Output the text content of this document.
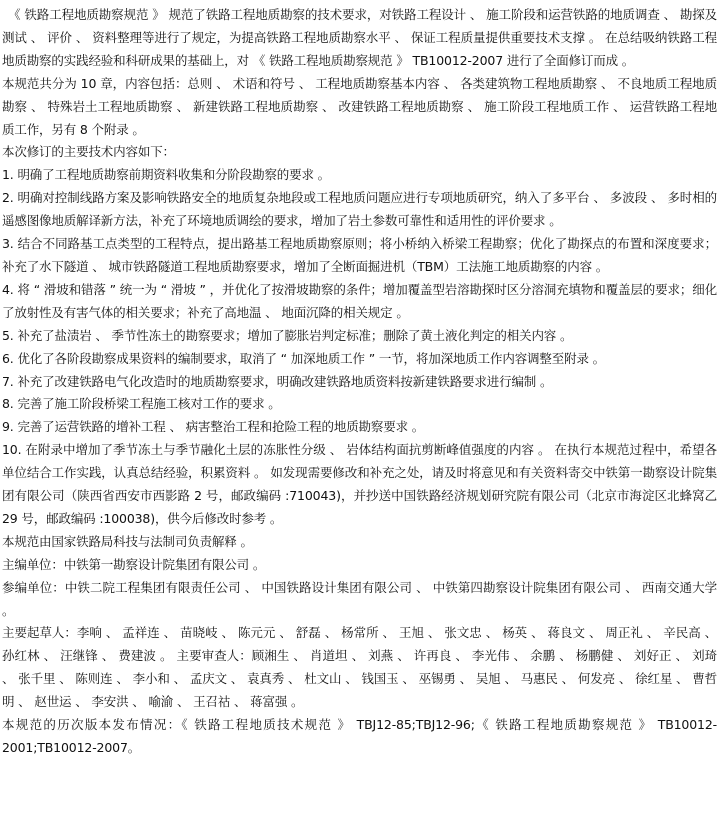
　《 铁路工程地质勘察规范 》 规范了铁路工程地质勘察的技术要求，对铁路工程设计 、 施工阶段和运营铁路的地质调查 、 勘探及测试 、 评价 、 资料整理等进行了规定，为提高铁路工程地质勘察水平 、 保证工程质量提供重要技术支撑 。 在总结吸纳铁路工程地质勘察的实践经验和科研成果的基础上，对 《 铁路工程地质勘察规范 》 TB10012-2007 进行了全面修订而成 。

本规范共分为 10 章，内容包括：总则 、 术语和符号 、 工程地质勘察基本内容 、 各类建筑物工程地质勘察 、 不良地质工程地质勘察 、 特殊岩土工程地质勘察 、 新建铁路工程地质勘察 、 改建铁路工程地质勘察 、 施工阶段工程地质工作 、 运营铁路工程地质工作，另有 8 个附录 。

本次修订的主要技术内容如下：

1. 明确了工程地质勘察前期资料收集和分阶段勘察的要求 。

2. 明确对控制线路方案及影响铁路安全的地质复杂地段或工程地质问题应进行专项地质研究，纳入了多平台 、 多波段 、 多时相的遥感图像地质解译新方法，补充了环境地质调绘的要求，增加了岩土参数可靠性和适用性的评价要求 。

3. 结合不同路基工点类型的工程特点，提出路基工程地质勘察原则；将小桥纳入桥梁工程勘察；优化了勘探点的布置和深度要求；补充了水下隧道 、 城市铁路隧道工程地质勘察要求，增加了全断面掘进机（TBM）工法施工地质勘察的内容 。

4. 将 “ 滑坡和错落 ” 统一为 “ 滑坡 ” ，并优化了按滑坡勘察的条件；增加覆盖型岩溶勘探时区分溶洞充填物和覆盖层的要求；细化了放射性及有害气体的相关要求；补充了高地温 、 地面沉降的相关规定 。

5. 补充了盐渍岩 、 季节性冻土的勘察要求；增加了膨胀岩判定标准；删除了黄土液化判定的相关内容 。

6. 优化了各阶段勘察成果资料的编制要求，取消了 “ 加深地质工作 ” 一节，将加深地质工作内容调整至附录 。

7. 补充了改建铁路电气化改造时的地质勘察要求，明确改建铁路地质资料按新建铁路要求进行编制 。

8. 完善了施工阶段桥梁工程施工核对工作的要求 。

9. 完善了运营铁路的增补工程 、 病害整治工程和抢险工程的地质勘察要求 。

10. 在附录中增加了季节冻土与季节融化土层的冻胀性分级 、 岩体结构面抗剪断峰值强度的内容 。 在执行本规范过程中，希望各单位结合工作实践，认真总结经验，积累资料 。 如发现需要修改和补充之处，请及时将意见和有关资料寄交中铁第一勘察设计院集团有限公司（陕西省西安市西影路 2 号，邮政编码 :710043)，并抄送中国铁路经济规划研究院有限公司（北京市海淀区北蜂窝乙 29 号，邮政编码 :100038)，供今后修改时参考 。

本规范由国家铁路局科技与法制司负责解释 。

主编单位：中铁第一勘察设计院集团有限公司 。

参编单位：中铁二院工程集团有限责任公司 、 中国铁路设计集团有限公司 、 中铁第四勘察设计院集团有限公司 、 西南交通大学 。

主要起草人：李响 、 孟祥连 、 苗晓岐 、 陈元元 、 舒磊 、 杨常所 、 王旭 、 张文忠 、 杨英 、 蒋良文 、 周正礼 、 辛民高 、 孙红林 、 汪继锋 、 费建波 。 主要审查人：顾湘生 、 肖道坦 、 刘燕 、 许再良 、 李光伟 、 余鹏 、 杨鹏健 、 刘好正 、 刘琦 、 张千里 、 陈则连 、 李小和 、 孟庆文 、 袁真秀 、 杜文山 、 钱国玉 、 巫锡勇 、 吴旭 、 马惠民 、 何发亮 、 徐红星 、 曹哲明 、 赵世运 、 李安洪 、 喻渝 、 王召祜 、 蒋富强 。

本规范的历次版本发布情况：《 铁路工程地质技术规范 》 TBJ12-85;TBJ12-96;《 铁路工程地质勘察规范 》 TB10012-2001;TB10012-2007。
